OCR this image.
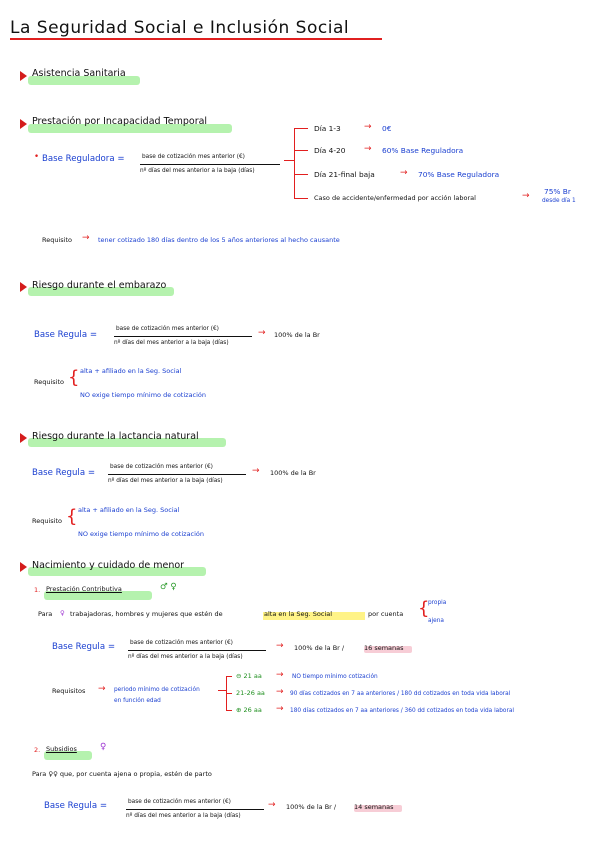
La Seguridad Social e Inclusión Social
Asistencia Sanitaria
Prestación por Incapacidad Temporal
• Base Reguladora =	base de cotización mes anterior (€)
nº días del mes anterior a la baja (días)
Día 1-3	→ 0€
Día 4-20 → 60% Base Reguladora
Día 21-final baja	→ 70% Base Reguladora
Caso de accidente/enfermedad por acción laboral	→ 75% Br
desde día 1
Requisito → tener cotizado 180 días dentro de los 5 años anteriores al hecho causante
Riesgo durante el embarazo
Base Regula =
base de cotización mes anterior (€)
nº días del mes anterior a la baja (días)
→ 100% de la Br
Requisito { alta + afiliado en la Seg. Social
NO exige tiempo mínimo de cotización
Riesgo durante la lactancia natural
Base Regula =
base de cotización mes anterior (€)
nº días del mes anterior a la baja (días)
→ 100% de la Br
Requisito { alta + afiliado en la Seg. Social
NO exige tiempo mínimo de cotización
Nacimiento y cuidado de menor
1. Prestación Contributiva	♂ ♀
Para ♀ trabajadoras, hombres y mujeres que estén de	alta en la Seg. Social	por cuenta {
propia
ajena
Base Regula =	base de cotización mes anterior (€)
nº días del mes anterior a la baja (días)
→ 100% de la Br /	16 semanas
Requisitos → periodo mínimo de cotización
en función edad
⊖ 21 aa → NO tiempo mínimo cotización
21-26 aa → 90 días cotizados en 7 aa anteriores / 180 dd cotizados en toda vida laboral
⊕ 26 aa → 180 días cotizados en 7 aa anteriores / 360 dd cotizados en toda vida laboral
2. Subsidios	♀
Para ♀♀ que, por cuenta ajena o propia, estén de parto
Base Regula =	base de cotización mes anterior (€)
nº días del mes anterior a la baja (días)
→ 100% de la Br /	14 semanas
